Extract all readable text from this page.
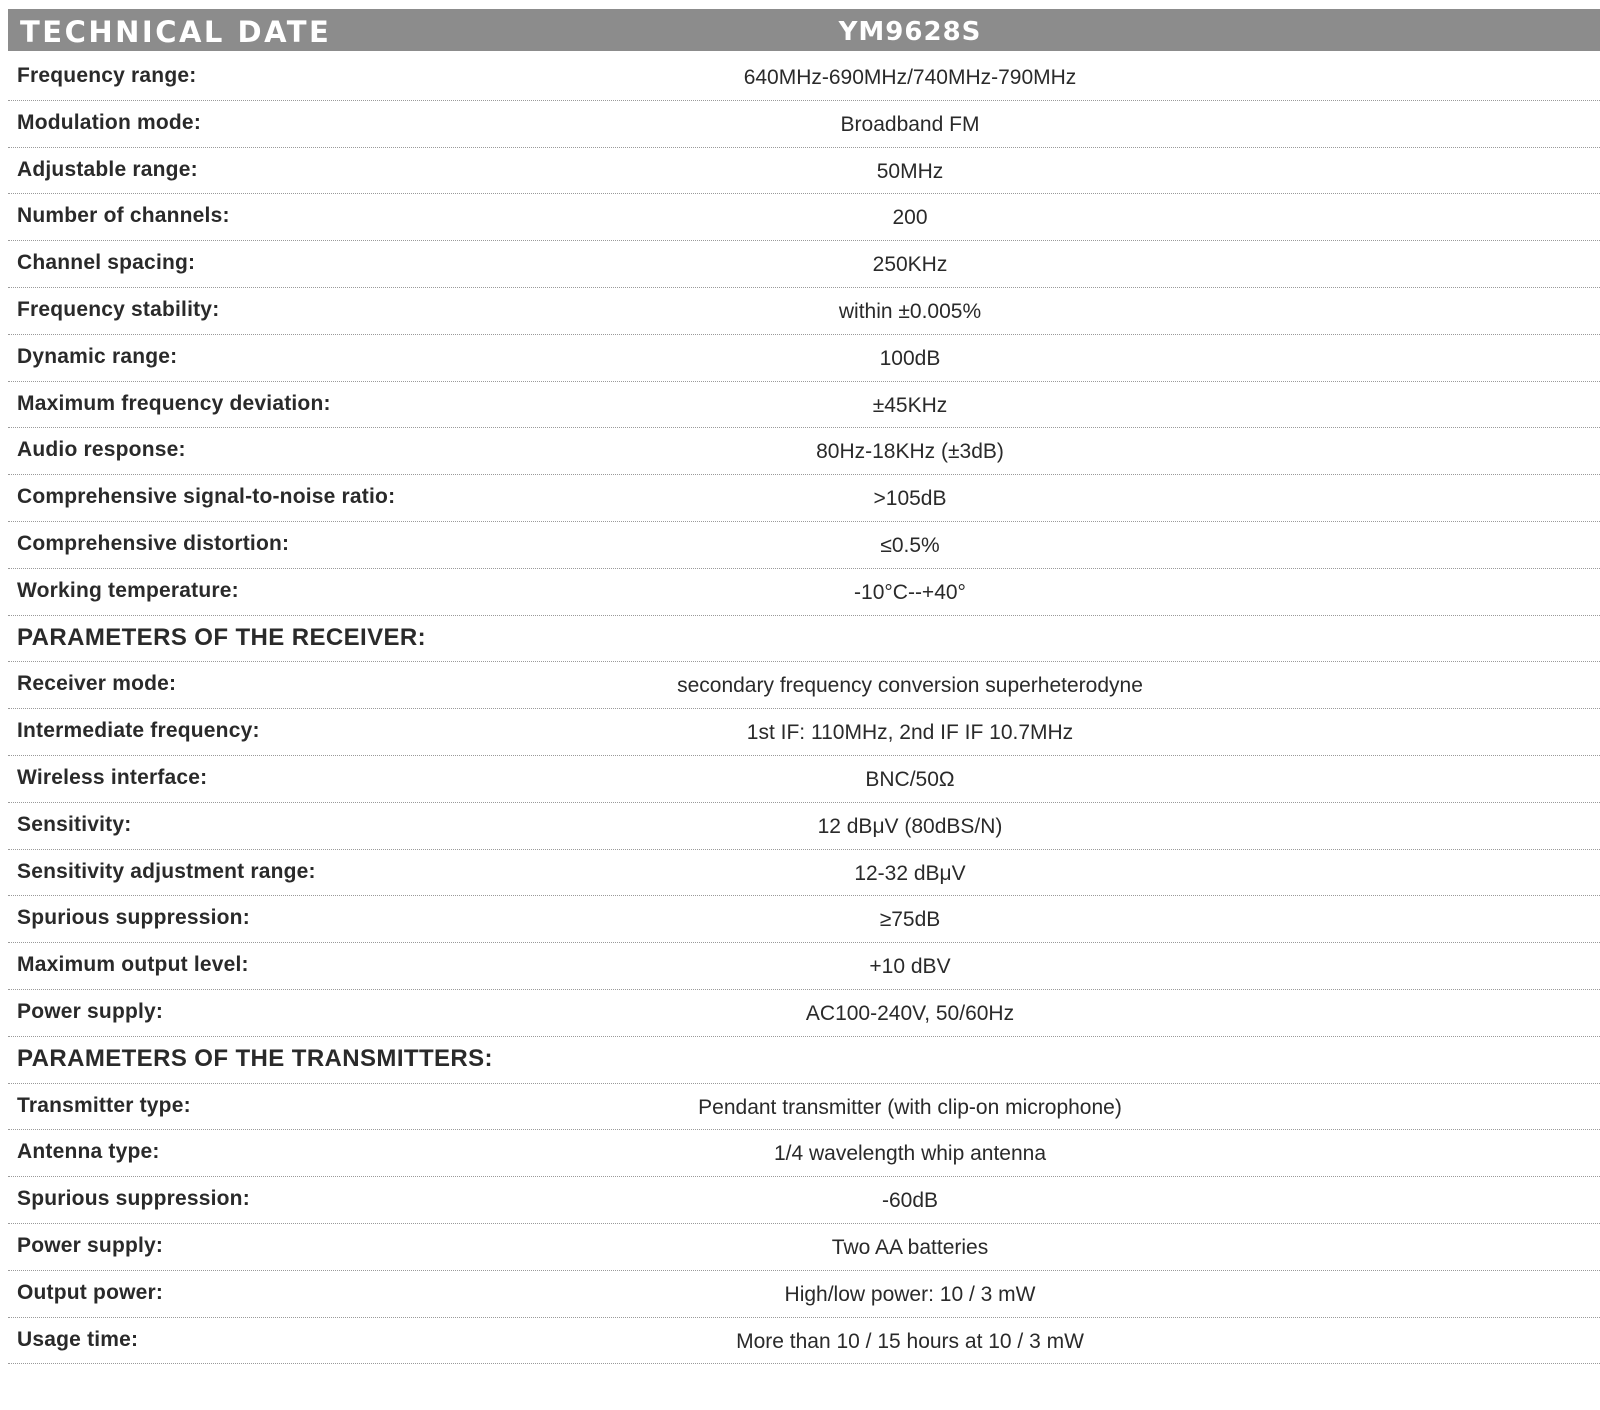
TECHNICAL DATE	YM9628S
Frequency range:	640MHz-690MHz/740MHz-790MHz
Modulation mode:	Broadband FM
Adjustable range:	50MHz
Number of channels:	200
Channel spacing:	250KHz
Frequency stability:	within ±0.005%
Dynamic range:	100dB
Maximum frequency deviation:	±45KHz
Audio response:	80Hz-18KHz (±3dB)
Comprehensive signal-to-noise ratio:	>105dB
Comprehensive distortion:	≤0.5%
Working temperature:	-10°C--+40°
PARAMETERS OF THE RECEIVER:
Receiver mode:	secondary frequency conversion superheterodyne
Intermediate frequency:	1st IF: 110MHz, 2nd IF IF 10.7MHz
Wireless interface:	BNC/50Ω
Sensitivity:	12 dBμV (80dBS/N)
Sensitivity adjustment range:	12-32 dBμV
Spurious suppression:	≥75dB
Maximum output level:	+10 dBV
Power supply:	AC100-240V, 50/60Hz
PARAMETERS OF THE TRANSMITTERS:
Transmitter type:	Pendant transmitter (with clip-on microphone)
Antenna type:	1/4 wavelength whip antenna
Spurious suppression:	-60dB
Power supply:	Two AA batteries
Output power:	High/low power: 10 / 3 mW
Usage time:	More than 10 / 15 hours at 10 / 3 mW
